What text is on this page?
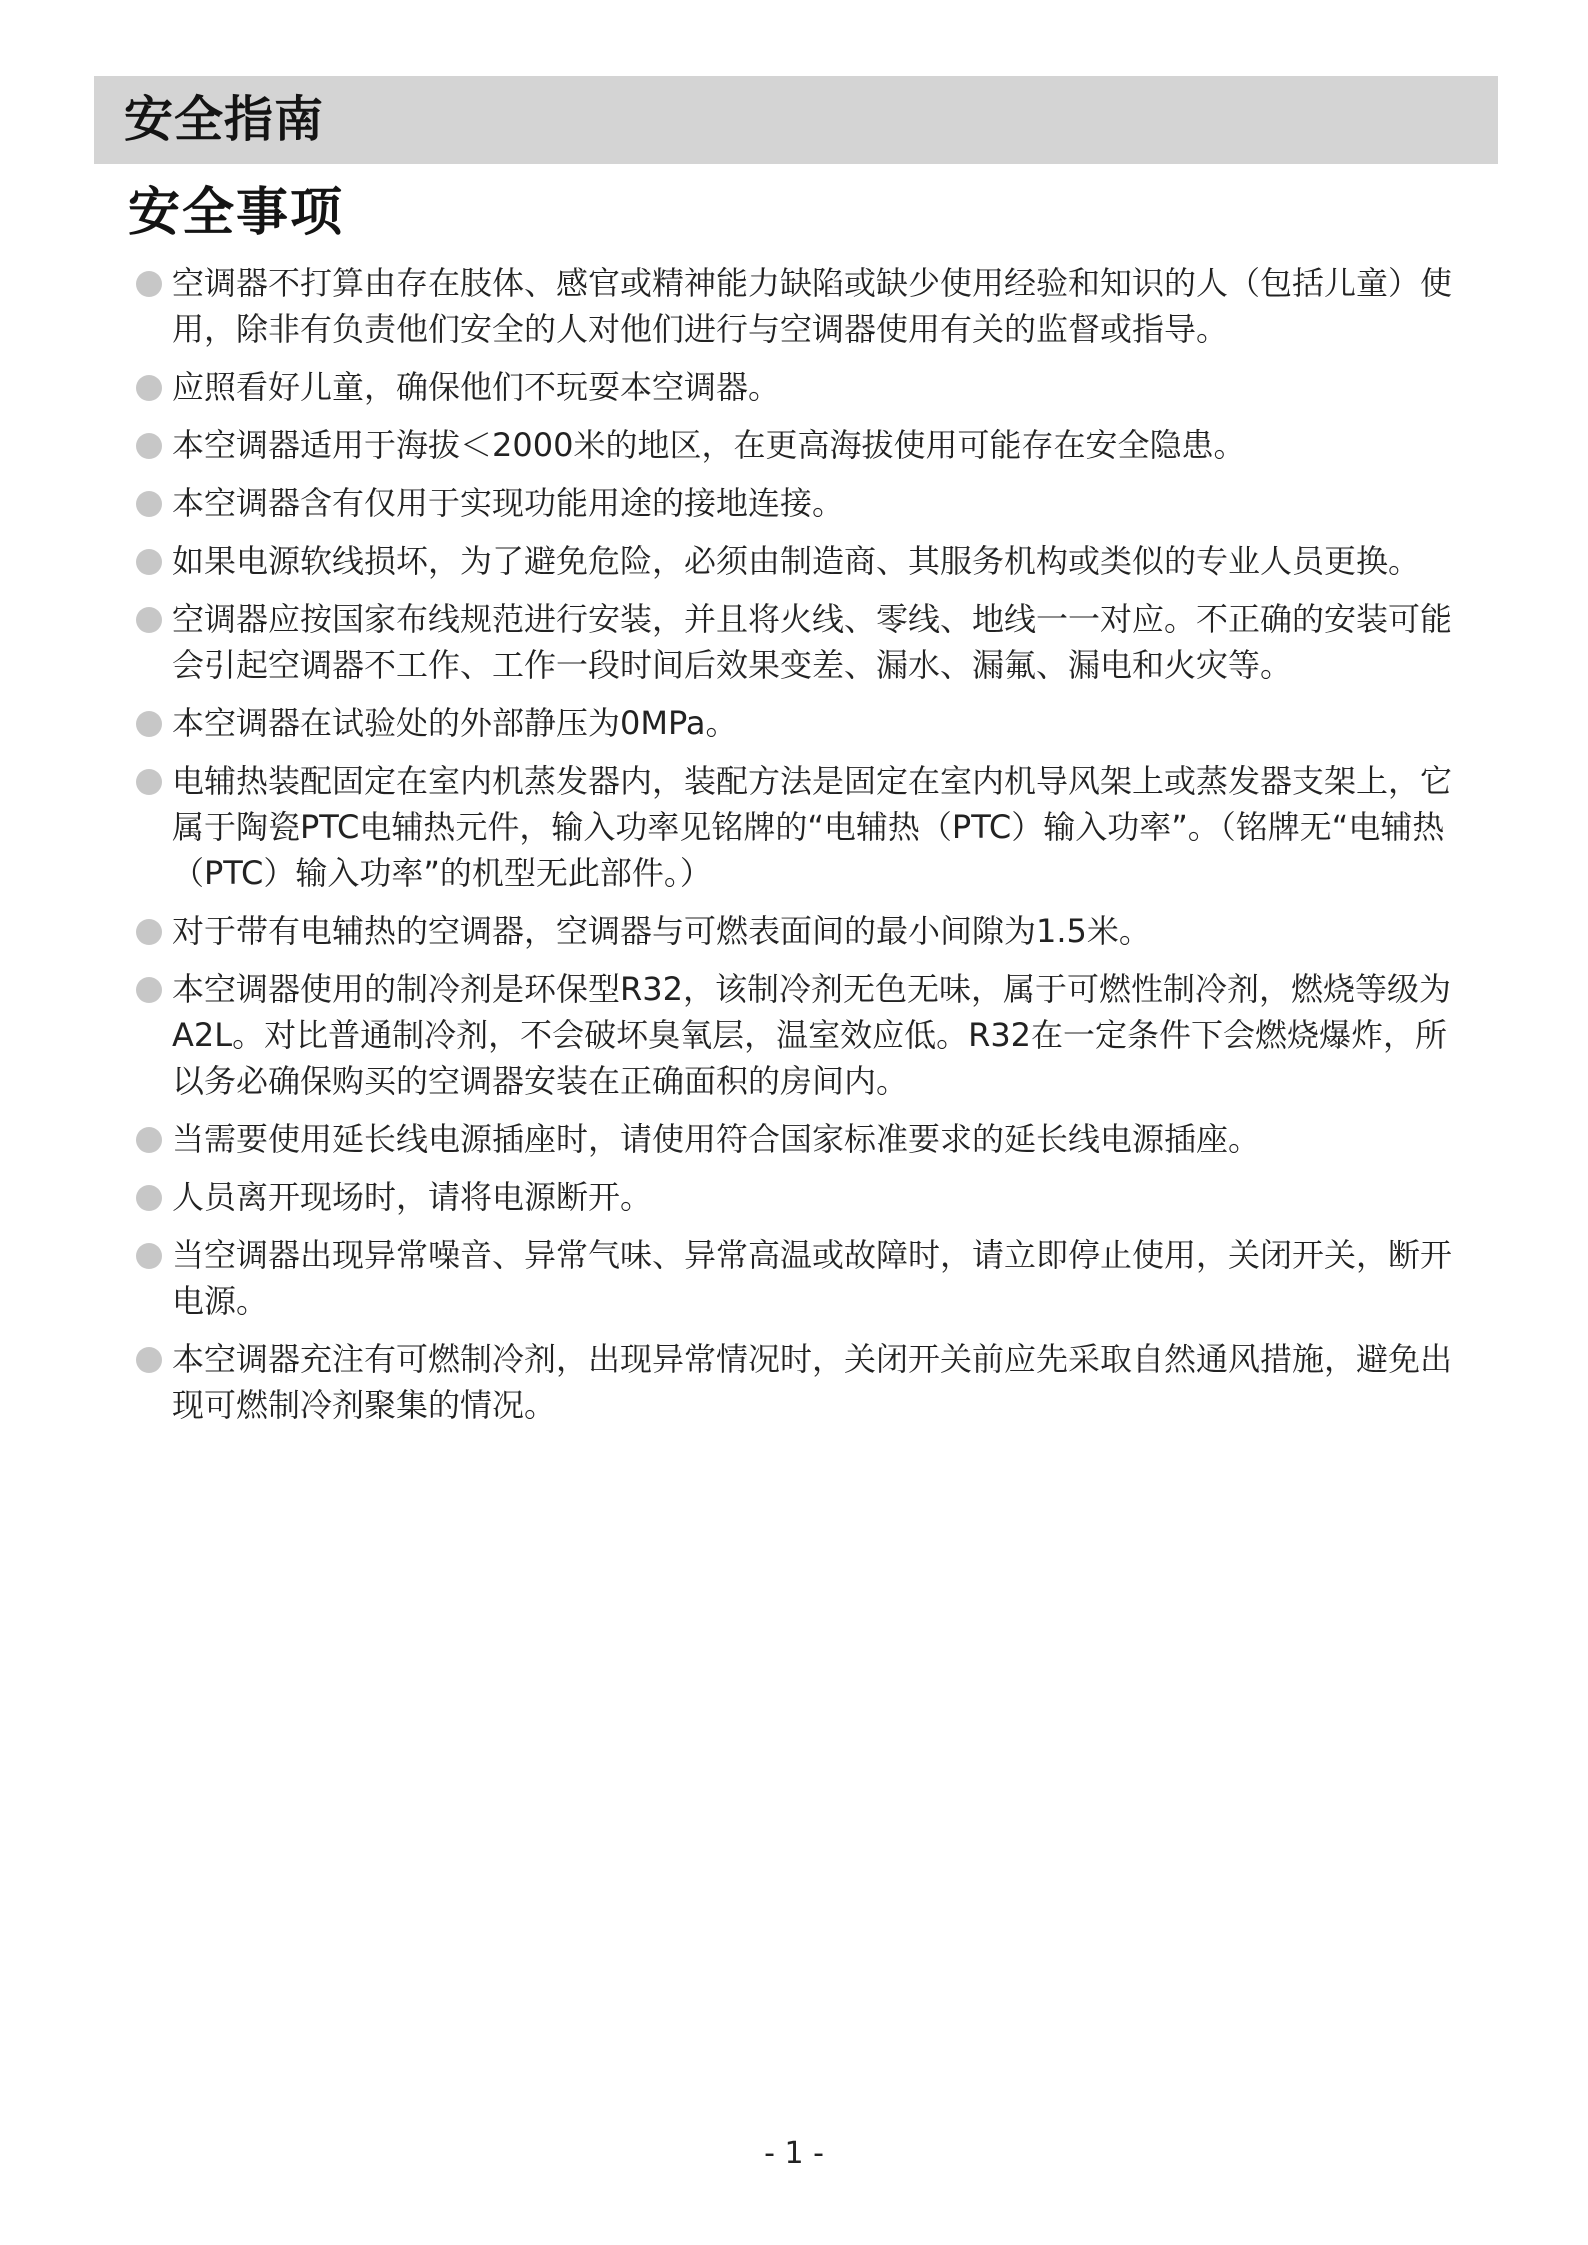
安全指南
安全事项
空调器不打算由存在肢体、感官或精神能力缺陷或缺少使用经验和知识的人（包括儿童）使用，除非有负责他们安全的人对他们进行与空调器使用有关的监督或指导。
应照看好儿童，确保他们不玩耍本空调器。
本空调器适用于海拔＜2000米的地区，在更高海拔使用可能存在安全隐患。
本空调器含有仅用于实现功能用途的接地连接。
如果电源软线损坏，为了避免危险，必须由制造商、其服务机构或类似的专业人员更换。
空调器应按国家布线规范进行安装，并且将火线、零线、地线一一对应。不正确的安装可能会引起空调器不工作、工作一段时间后效果变差、漏水、漏氟、漏电和火灾等。
本空调器在试验处的外部静压为0MPa。
电辅热装配固定在室内机蒸发器内，装配方法是固定在室内机导风架上或蒸发器支架上，它属于陶瓷PTC电辅热元件，输入功率见铭牌的“电辅热（PTC）输入功率”。（铭牌无“电辅热（PTC）输入功率”的机型无此部件。）
对于带有电辅热的空调器，空调器与可燃表面间的最小间隙为1.5米。
本空调器使用的制冷剂是环保型R32，该制冷剂无色无味，属于可燃性制冷剂，燃烧等级为A2L。对比普通制冷剂，不会破坏臭氧层，温室效应低。R32在一定条件下会燃烧爆炸，所以务必确保购买的空调器安装在正确面积的房间内。
当需要使用延长线电源插座时，请使用符合国家标准要求的延长线电源插座。
人员离开现场时，请将电源断开。
当空调器出现异常噪音、异常气味、异常高温或故障时，请立即停止使用，关闭开关，断开电源。
本空调器充注有可燃制冷剂，出现异常情况时，关闭开关前应先采取自然通风措施，避免出现可燃制冷剂聚集的情况。
- 1 -
